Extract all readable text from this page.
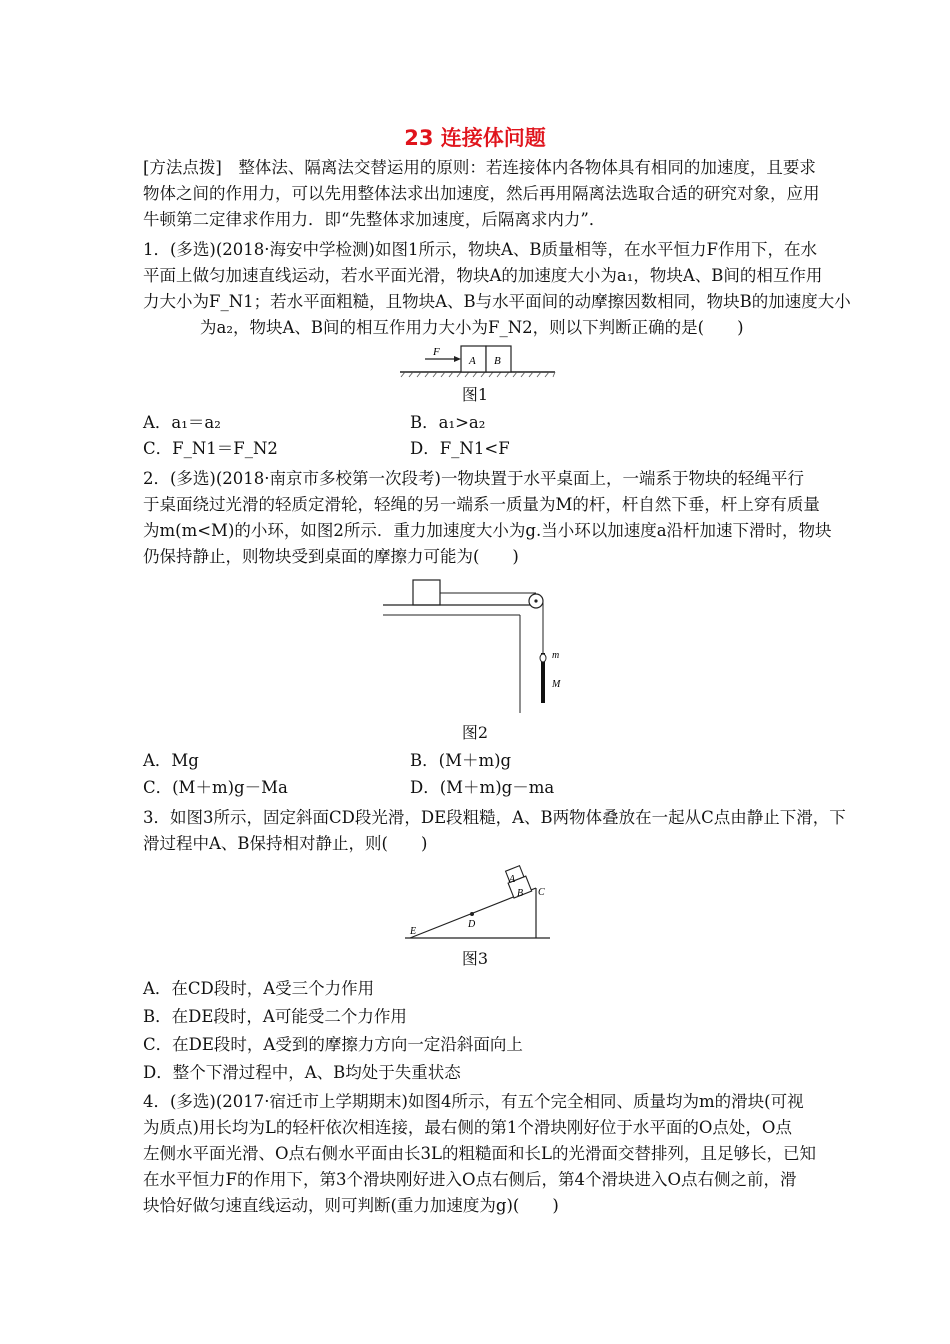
23 连接体问题
[方法点拨]　整体法、隔离法交替运用的原则：若连接体内各物体具有相同的加速度，且要求
物体之间的作用力，可以先用整体法求出加速度，然后再用隔离法选取合适的研究对象，应用
牛顿第二定律求作用力．即“先整体求加速度，后隔离求内力”．
1．(多选)(2018·海安中学检测)如图1所示，物块A、B质量相等，在水平恒力F作用下，在水
平面上做匀加速直线运动，若水平面光滑，物块A的加速度大小为a₁，物块A、B间的相互作用
力大小为F_N1；若水平面粗糙，且物块A、B与水平面间的动摩擦因数相同，物块B的加速度大小
为a₂，物块A、B间的相互作用力大小为F_N2，则以下判断正确的是(　　)
F
A B
图1
A．a₁＝a₂	B．a₁>a₂
C．F_N1＝F_N2	D．F_N1<F
2．(多选)(2018·南京市多校第一次段考)一物块置于水平桌面上，一端系于物块的轻绳平行
于桌面绕过光滑的轻质定滑轮，轻绳的另一端系一质量为M的杆，杆自然下垂，杆上穿有质量
为m(m<M)的小环，如图2所示．重力加速度大小为g.当小环以加速度a沿杆加速下滑时，物块
仍保持静止，则物块受到桌面的摩擦力可能为(　　)
m
M
图2
A．Mg	B．(M＋m)g
C．(M＋m)g－Ma	D．(M＋m)g－ma
3．如图3所示，固定斜面CD段光滑，DE段粗糙，A、B两物体叠放在一起从C点由静止下滑，下
滑过程中A、B保持相对静止，则(　　)
A
B C
D
E
图3
A．在CD段时，A受三个力作用
B．在DE段时，A可能受二个力作用
C．在DE段时，A受到的摩擦力方向一定沿斜面向上
D．整个下滑过程中，A、B均处于失重状态
4．(多选)(2017·宿迁市上学期期末)如图4所示，有五个完全相同、质量均为m的滑块(可视
为质点)用长均为L的轻杆依次相连接，最右侧的第1个滑块刚好位于水平面的O点处，O点
左侧水平面光滑、O点右侧水平面由长3L的粗糙面和长L的光滑面交替排列，且足够长，已知
在水平恒力F的作用下，第3个滑块刚好进入O点右侧后，第4个滑块进入O点右侧之前，滑
块恰好做匀速直线运动，则可判断(重力加速度为g)(　　)
